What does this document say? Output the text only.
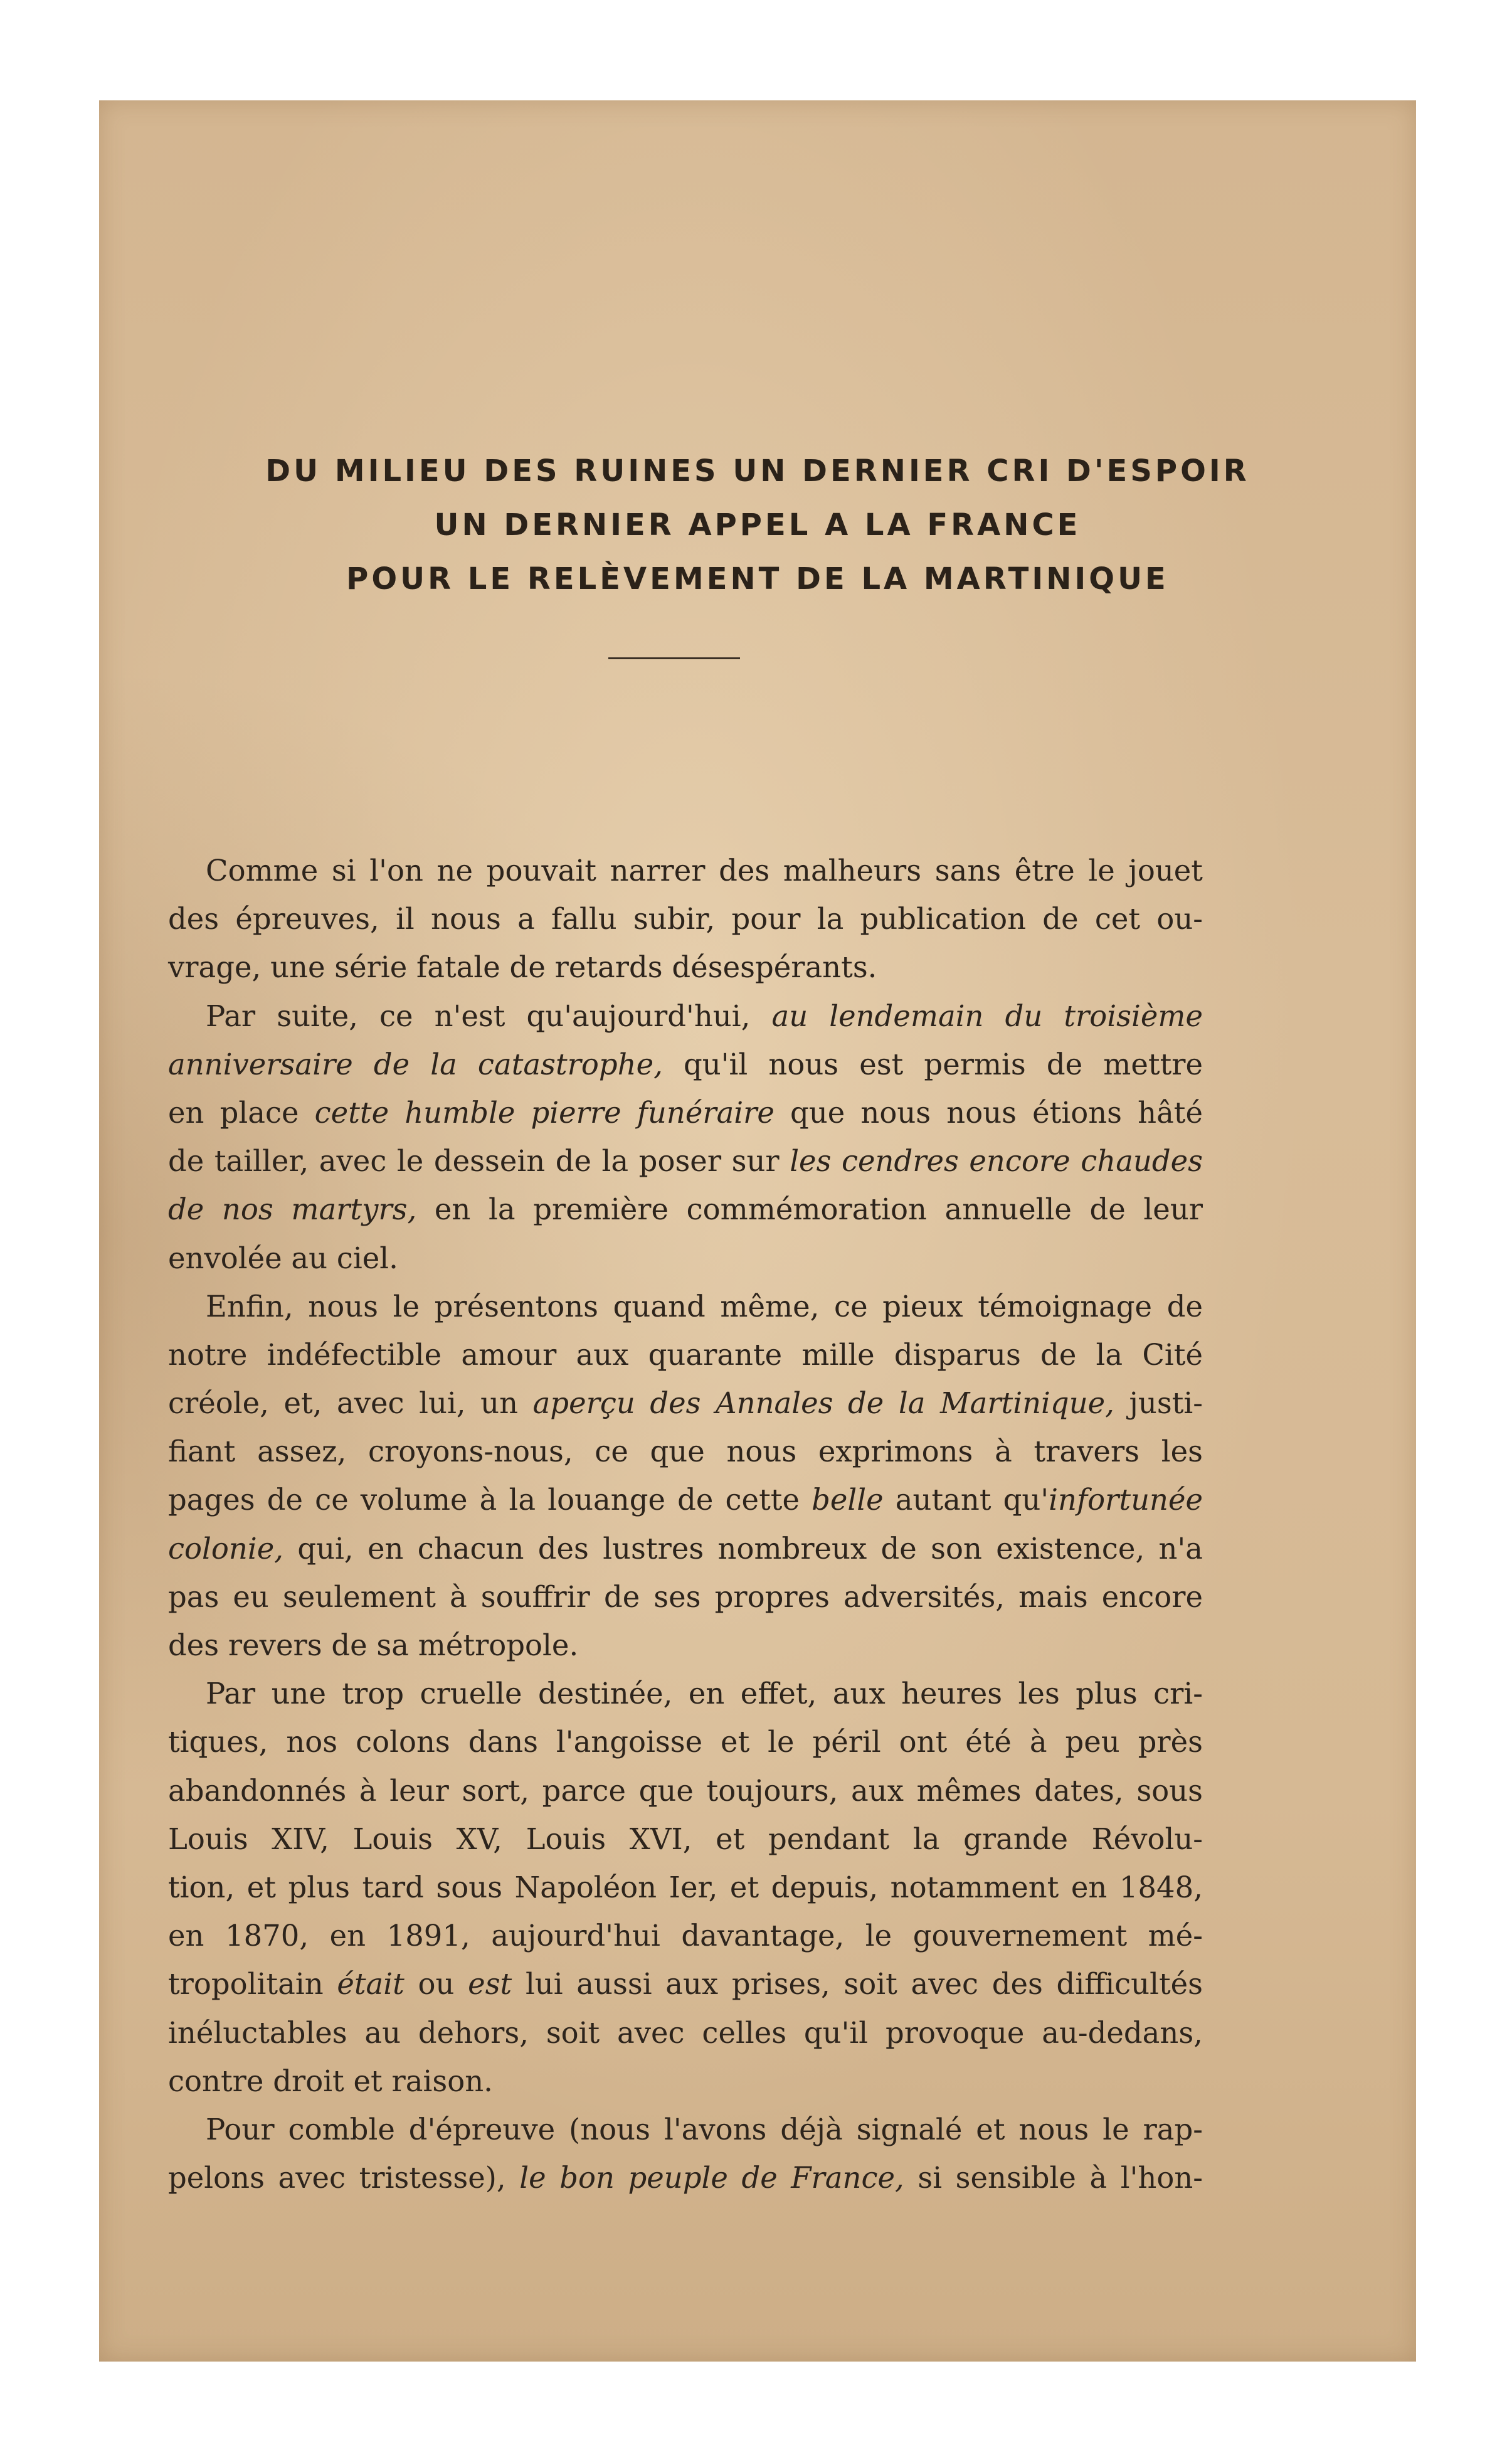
DU MILIEU DES RUINES UN DERNIER CRI D'ESPOIR
UN DERNIER APPEL A LA FRANCE
POUR LE RELÈVEMENT DE LA MARTINIQUE
Comme si l'on ne pouvait narrer des malheurs sans être le jouet
des épreuves, il nous a fallu subir, pour la publication de cet ou-
vrage, une série fatale de retards désespérants.
Par suite, ce n'est qu'aujourd'hui, au lendemain du troisième
anniversaire de la catastrophe, qu'il nous est permis de mettre
en place cette humble pierre funéraire que nous nous étions hâté
de tailler, avec le dessein de la poser sur les cendres encore chaudes
de nos martyrs, en la première commémoration annuelle de leur
envolée au ciel.
Enfin, nous le présentons quand même, ce pieux témoignage de
notre indéfectible amour aux quarante mille disparus de la Cité
créole, et, avec lui, un aperçu des Annales de la Martinique, justi-
fiant assez, croyons-nous, ce que nous exprimons à travers les
pages de ce volume à la louange de cette belle autant qu'infortunée
colonie, qui, en chacun des lustres nombreux de son existence, n'a
pas eu seulement à souffrir de ses propres adversités, mais encore
des revers de sa métropole.
Par une trop cruelle destinée, en effet, aux heures les plus cri-
tiques, nos colons dans l'angoisse et le péril ont été à peu près
abandonnés à leur sort, parce que toujours, aux mêmes dates, sous
Louis XIV, Louis XV, Louis XVI, et pendant la grande Révolu-
tion, et plus tard sous Napoléon Ier, et depuis, notamment en 1848,
en 1870, en 1891, aujourd'hui davantage, le gouvernement mé-
tropolitain était ou est lui aussi aux prises, soit avec des difficultés
inéluctables au dehors, soit avec celles qu'il provoque au-dedans,
contre droit et raison.
Pour comble d'épreuve (nous l'avons déjà signalé et nous le rap-
pelons avec tristesse), le bon peuple de France, si sensible à l'hon-
